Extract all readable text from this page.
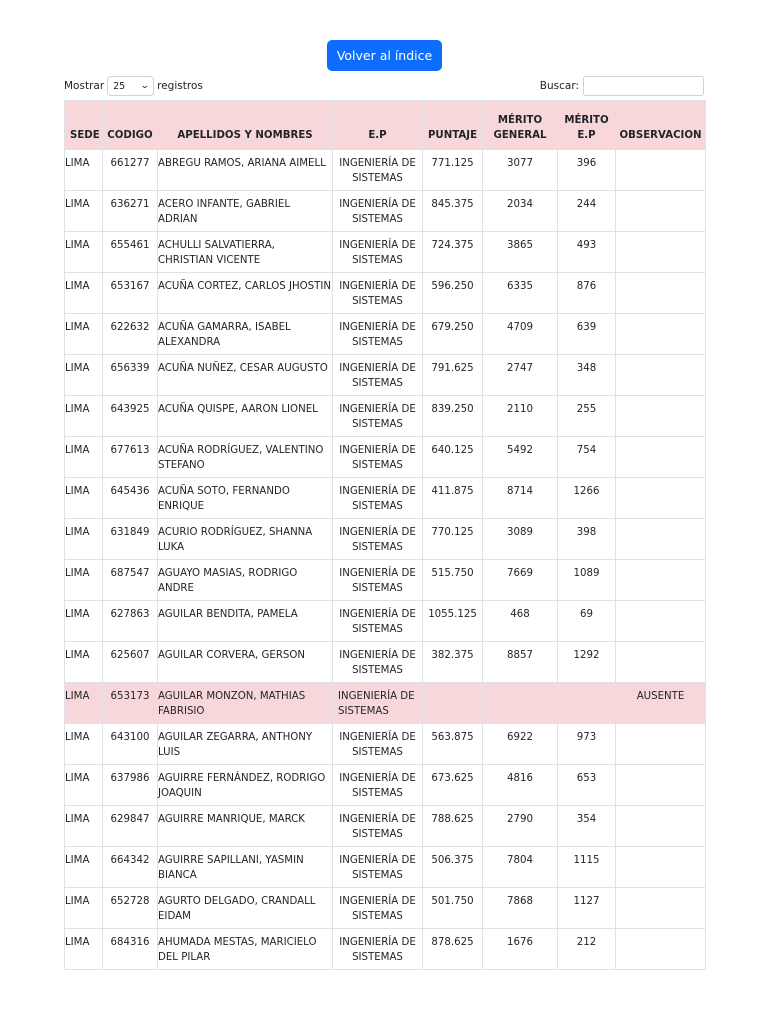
Volver al índice
Mostrar 25 ⌄ registros	Buscar:
SEDE	CODIGO	APELLIDOS Y NOMBRES	E.P	PUNTAJE	MÉRITO GENERAL	MÉRITO E.P	OBSERVACION
LIMA	661277	ABREGU RAMOS, ARIANA AIMELL	INGENIERÍA DE SISTEMAS	771.125	3077	396	
LIMA	636271	ACERO INFANTE, GABRIEL ADRIAN	INGENIERÍA DE SISTEMAS	845.375	2034	244	
LIMA	655461	ACHULLI SALVATIERRA, CHRISTIAN VICENTE	INGENIERÍA DE SISTEMAS	724.375	3865	493	
LIMA	653167	ACUÑA CORTEZ, CARLOS JHOSTIN	INGENIERÍA DE SISTEMAS	596.250	6335	876	
LIMA	622632	ACUÑA GAMARRA, ISABEL ALEXANDRA	INGENIERÍA DE SISTEMAS	679.250	4709	639	
LIMA	656339	ACUÑA NUÑEZ, CESAR AUGUSTO	INGENIERÍA DE SISTEMAS	791.625	2747	348	
LIMA	643925	ACUÑA QUISPE, AARON LIONEL	INGENIERÍA DE SISTEMAS	839.250	2110	255	
LIMA	677613	ACUÑA RODRÍGUEZ, VALENTINO STEFANO	INGENIERÍA DE SISTEMAS	640.125	5492	754	
LIMA	645436	ACUÑA SOTO, FERNANDO ENRIQUE	INGENIERÍA DE SISTEMAS	411.875	8714	1266	
LIMA	631849	ACURIO RODRÍGUEZ, SHANNA LUKA	INGENIERÍA DE SISTEMAS	770.125	3089	398	
LIMA	687547	AGUAYO MASIAS, RODRIGO ANDRE	INGENIERÍA DE SISTEMAS	515.750	7669	1089	
LIMA	627863	AGUILAR BENDITA, PAMELA	INGENIERÍA DE SISTEMAS	1055.125	468	69	
LIMA	625607	AGUILAR CORVERA, GERSON	INGENIERÍA DE SISTEMAS	382.375	8857	1292	
LIMA	653173	AGUILAR MONZON, MATHIAS FABRISIO	INGENIERÍA DE SISTEMAS				AUSENTE
LIMA	643100	AGUILAR ZEGARRA, ANTHONY LUIS	INGENIERÍA DE SISTEMAS	563.875	6922	973	
LIMA	637986	AGUIRRE FERNÁNDEZ, RODRIGO JOAQUIN	INGENIERÍA DE SISTEMAS	673.625	4816	653	
LIMA	629847	AGUIRRE MANRIQUE, MARCK	INGENIERÍA DE SISTEMAS	788.625	2790	354	
LIMA	664342	AGUIRRE SAPILLANI, YASMIN BIANCA	INGENIERÍA DE SISTEMAS	506.375	7804	1115	
LIMA	652728	AGURTO DELGADO, CRANDALL EIDAM	INGENIERÍA DE SISTEMAS	501.750	7868	1127	
LIMA	684316	AHUMADA MESTAS, MARICIELO DEL PILAR	INGENIERÍA DE SISTEMAS	878.625	1676	212	
